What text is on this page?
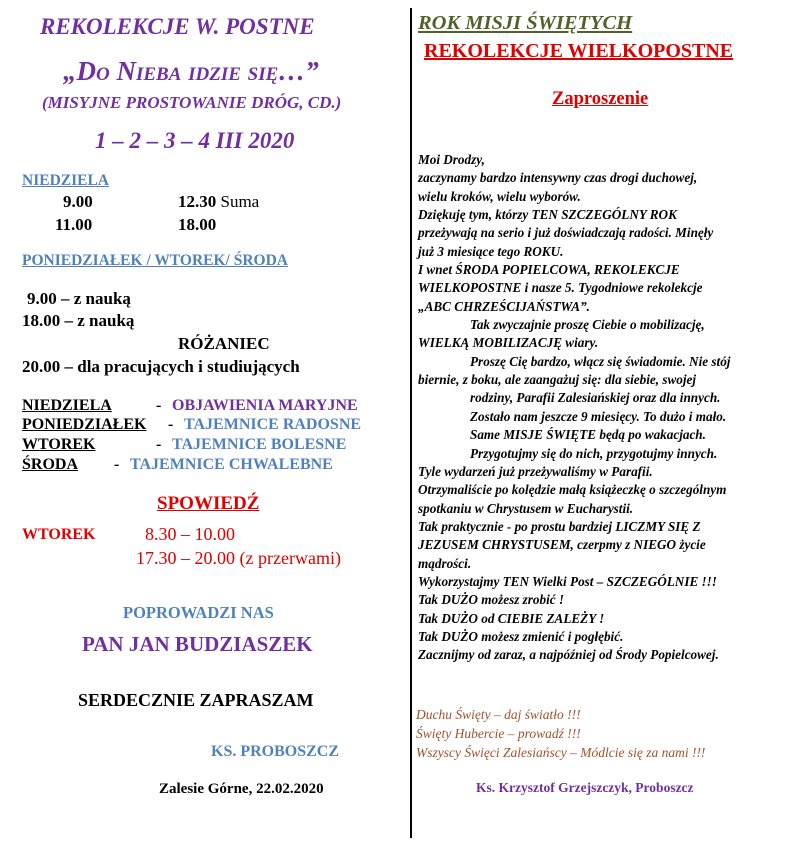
REKOLEKCJE W. POSTNE
„Do Nieba idzie się…”
(MISYJNE PROSTOWANIE DRÓG, CD.)
1 – 2 – 3 – 4 III 2020
NIEDZIELA
9.00	12.30 Suma
11.00	18.00
PONIEDZIAŁEK / WTOREK/ ŚRODA
9.00 – z nauką
18.00 – z nauką
RÓŻANIEC
20.00 – dla pracujących i studiujących
NIEDZIELA	- OBJAWIENIA MARYJNE
PONIEDZIAŁEK - TAJEMNICE RADOSNE
WTOREK	- TAJEMNICE BOLESNE
ŚRODA - TAJEMNICE CHWALEBNE
SPOWIEDŹ
WTOREK	8.30 – 10.00
17.30 – 20.00 (z przerwami)
POPROWADZI NAS
PAN JAN BUDZIASZEK
SERDECZNIE ZAPRASZAM
KS. PROBOSZCZ
Zalesie Górne, 22.02.2020
ROK MISJI ŚWIĘTYCH
REKOLEKCJE WIELKOPOSTNE
Zaproszenie
Moi Drodzy,
zaczynamy bardzo intensywny czas drogi duchowej,
wielu kroków, wielu wyborów.
Dziękuję tym, którzy TEN SZCZEGÓLNY ROK
przeżywają na serio i już doświadczają radości. Minęły
już 3 miesiące tego ROKU.
I wnet ŚRODA POPIELCOWA, REKOLEKCJE
WIELKOPOSTNE i nasze 5. Tygodniowe rekolekcje
„ABC CHRZEŚCIJAŃSTWA”.
Tak zwyczajnie proszę Ciebie o mobilizację,
WIELKĄ MOBILIZACJĘ wiary.
Proszę Cię bardzo, włącz się świadomie. Nie stój
biernie, z boku, ale zaangażuj się: dla siebie, swojej
rodziny, Parafii Zalesiańskiej oraz dla innych.
Zostało nam jeszcze 9 miesięcy. To dużo i mało.
Same MISJE ŚWIĘTE będą po wakacjach.
Przygotujmy się do nich, przygotujmy innych.
Tyle wydarzeń już przeżywaliśmy w Parafii.
Otrzymaliście po kolędzie małą książeczkę o szczególnym
spotkaniu w Chrystusem w Eucharystii.
Tak praktycznie - po prostu bardziej LICZMY SIĘ Z
JEZUSEM CHRYSTUSEM, czerpmy z NIEGO życie
mądrości.
Wykorzystajmy TEN Wielki Post – SZCZEGÓLNIE !!!
Tak DUŻO możesz zrobić !
Tak DUŻO od CIEBIE ZALEŻY !
Tak DUŻO możesz zmienić i pogłębić.
Zacznijmy od zaraz, a najpóźniej od Środy Popielcowej.
Duchu Święty – daj światło !!!
Święty Hubercie – prowadź !!!
Wszyscy Święci Zalesiańscy – Módlcie się za nami !!!
Ks. Krzysztof Grzejszczyk, Proboszcz
